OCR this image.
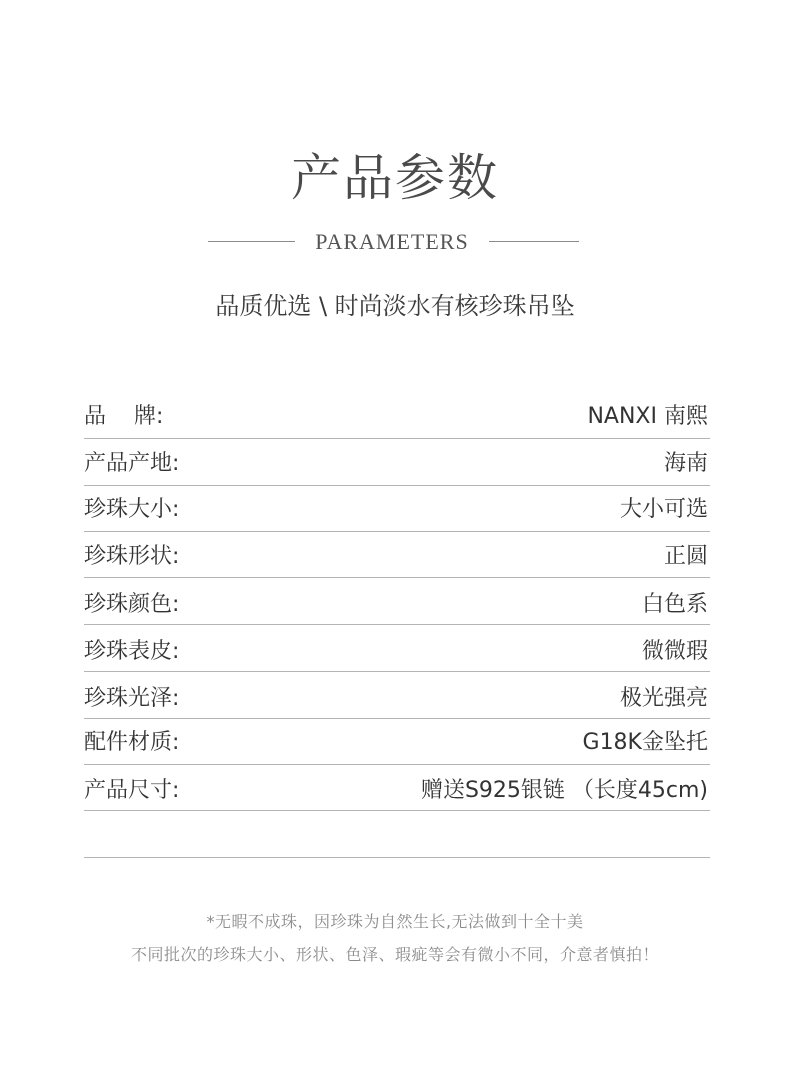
产品参数
PARAMETERS
品质优选 \ 时尚淡水有核珍珠吊坠
品    牌:	NANXI 南熙
产品产地:	海南
珍珠大小:	大小可选
珍珠形状:	正圆
珍珠颜色:	白色系
珍珠表皮:	微微瑕
珍珠光泽:	极光强亮
配件材质:	G18K金坠托
产品尺寸:	赠送S925银链 （长度45cm)
*无暇不成珠，因珍珠为自然生长,无法做到十全十美
不同批次的珍珠大小、形状、色泽、瑕疵等会有微小不同，介意者慎拍！
